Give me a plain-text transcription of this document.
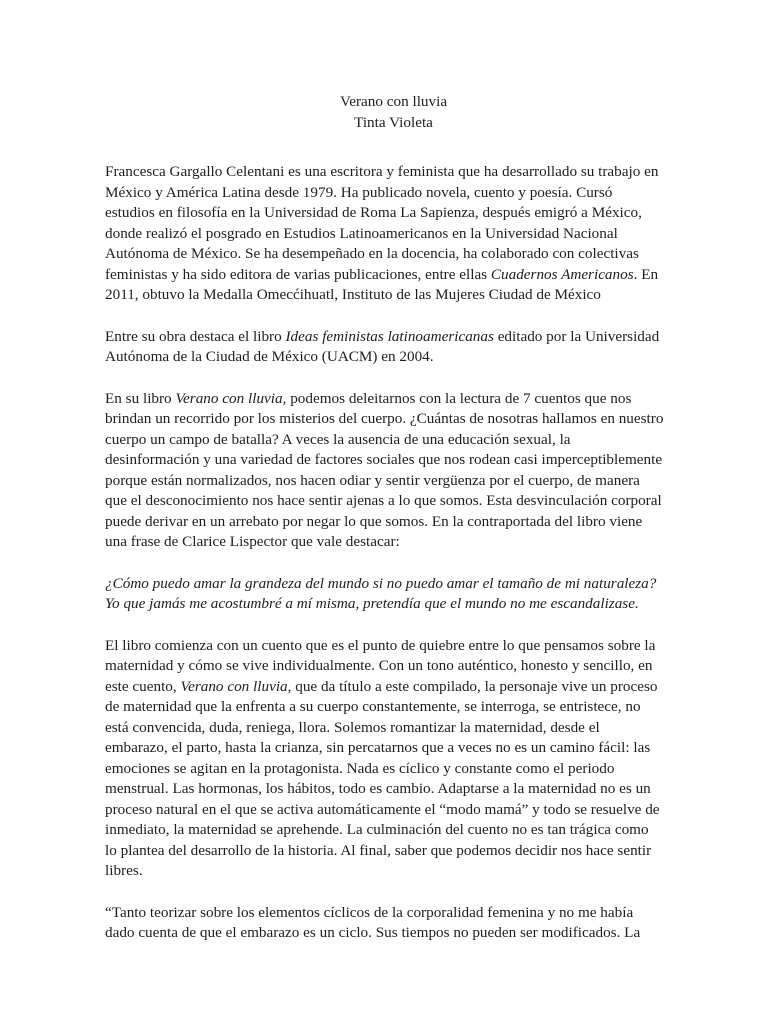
Verano con lluvia
Tinta Violeta

Francesca Gargallo Celentani es una escritora y feminista que ha desarrollado su trabajo en México y América Latina desde 1979. Ha publicado novela, cuento y poesía. Cursó estudios en filosofía en la Universidad de Roma La Sapienza, después emigró a México, donde realizó el posgrado en Estudios Latinoamericanos en la Universidad Nacional Autónoma de México. Se ha desempeñado en la docencia, ha colaborado con colectivas feministas y ha sido editora de varias publicaciones, entre ellas Cuadernos Americanos. En 2011, obtuvo la Medalla Omecćihuatl, Instituto de las Mujeres Ciudad de México

Entre su obra destaca el libro Ideas feministas latinoamericanas editado por la Universidad Autónoma de la Ciudad de México (UACM) en 2004.

En su libro Verano con lluvia, podemos deleitarnos con la lectura de 7 cuentos que nos brindan un recorrido por los misterios del cuerpo. ¿Cuántas de nosotras hallamos en nuestro cuerpo un campo de batalla? A veces la ausencia de una educación sexual, la desinformación y una variedad de factores sociales que nos rodean casi imperceptiblemente porque están normalizados, nos hacen odiar y sentir vergüenza por el cuerpo, de manera que el desconocimiento nos hace sentir ajenas a lo que somos. Esta desvinculación corporal puede derivar en un arrebato por negar lo que somos. En la contraportada del libro viene una frase de Clarice Lispector que vale destacar:

¿Cómo puedo amar la grandeza del mundo si no puedo amar el tamaño de mi naturaleza? Yo que jamás me acostumbré a mí misma, pretendía que el mundo no me escandalizase.

El libro comienza con un cuento que es el punto de quiebre entre lo que pensamos sobre la maternidad y cómo se vive individualmente. Con un tono auténtico, honesto y sencillo, en este cuento, Verano con lluvia, que da título a este compilado, la personaje vive un proceso de maternidad que la enfrenta a su cuerpo constantemente, se interroga, se entristece, no está convencida, duda, reniega, llora. Solemos romantizar la maternidad, desde el embarazo, el parto, hasta la crianza, sin percatarnos que a veces no es un camino fácil: las emociones se agitan en la protagonista. Nada es cíclico y constante como el periodo menstrual. Las hormonas, los hábitos, todo es cambio. Adaptarse a la maternidad no es un proceso natural en el que se activa automáticamente el “modo mamá” y todo se resuelve de inmediato, la maternidad se aprehende. La culminación del cuento no es tan trágica como lo plantea del desarrollo de la historia. Al final, saber que podemos decidir nos hace sentir libres.

“Tanto teorizar sobre los elementos cíclicos de la corporalidad femenina y no me había dado cuenta de que el embarazo es un ciclo. Sus tiempos no pueden ser modificados. La
